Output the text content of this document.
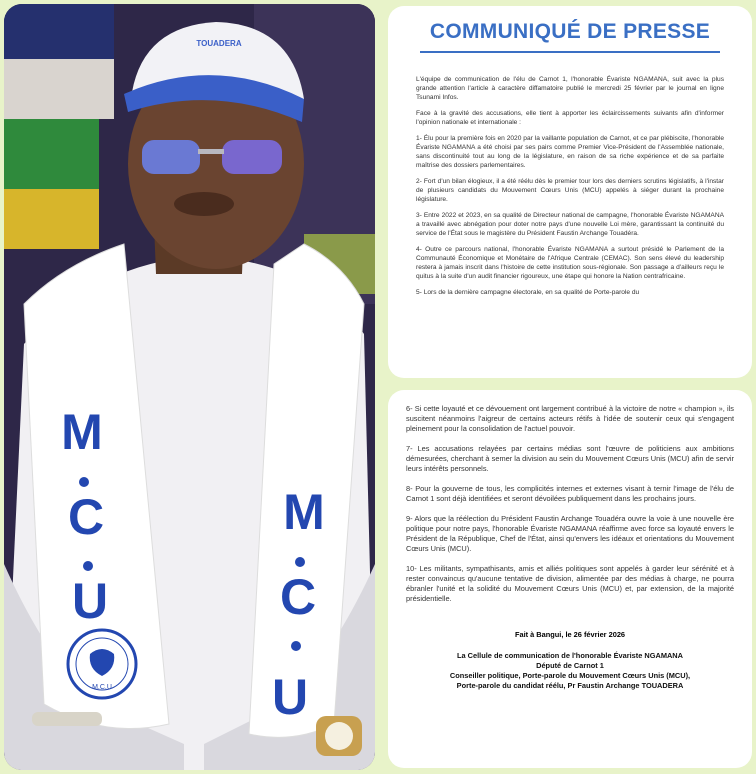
M
C
U
M
C
U
M.C.U
TOUADERA
COMMUNIQUÉ DE PRESSE

L'équipe de communication de l'élu de Carnot 1, l'honorable Évariste NGAMANA, suit avec la plus grande attention l'article à caractère diffamatoire publié le mercredi 25 février par le journal en ligne Tsunami Infos.

Face à la gravité des accusations, elle tient à apporter les éclaircissements suivants afin d'informer l'opinion nationale et internationale :

1- Élu pour la première fois en 2020 par la vaillante population de Carnot, et ce par plébiscite, l'honorable Évariste NGAMANA a été choisi par ses pairs comme Premier Vice-Président de l'Assemblée nationale, sans discontinuité tout au long de la législature, en raison de sa riche expérience et de sa parfaite maîtrise des dossiers parlementaires.

2- Fort d'un bilan élogieux, il a été réélu dès le premier tour lors des derniers scrutins législatifs, à l'instar de plusieurs candidats du Mouvement Cœurs Unis (MCU) appelés à siéger durant la prochaine législature.

3- Entre 2022 et 2023, en sa qualité de Directeur national de campagne, l'honorable Évariste NGAMANA a travaillé avec abnégation pour doter notre pays d'une nouvelle Loi mère, garantissant la continuité du service de l'État sous le magistère du Président Faustin Archange Touadéra.

4- Outre ce parcours national, l'honorable Évariste NGAMANA a surtout présidé le Parlement de la Communauté Économique et Monétaire de l'Afrique Centrale (CEMAC). Son sens élevé du leadership restera à jamais inscrit dans l'histoire de cette institution sous-régionale. Son passage a d'ailleurs reçu le quitus à la suite d'un audit financier rigoureux, une étape qui honore la Nation centrafricaine.

5- Lors de la dernière campagne électorale, en sa qualité de Porte-parole du

6- Si cette loyauté et ce dévouement ont largement contribué à la victoire de notre « champion », ils suscitent néanmoins l'aigreur de certains acteurs rétifs à l'idée de soutenir ceux qui s'engagent pleinement pour la consolidation de l'actuel pouvoir.

7- Les accusations relayées par certains médias sont l'œuvre de politiciens aux ambitions démesurées, cherchant à semer la division au sein du Mouvement Cœurs Unis (MCU) afin de servir leurs intérêts personnels.

8- Pour la gouverne de tous, les complicités internes et externes visant à ternir l'image de l'élu de Carnot 1 sont déjà identifiées et seront dévoilées publiquement dans les prochains jours.

9- Alors que la réélection du Président Faustin Archange Touadéra ouvre la voie à une nouvelle ère politique pour notre pays, l'honorable Évariste NGAMANA réaffirme avec force sa loyauté envers le Président de la République, Chef de l'État, ainsi qu'envers les idéaux et orientations du Mouvement Cœurs Unis (MCU).

10- Les militants, sympathisants, amis et alliés politiques sont appelés à garder leur sérénité et à rester convaincus qu'aucune tentative de division, alimentée par des médias à charge, ne pourra ébranler l'unité et la solidité du Mouvement Cœurs Unis (MCU) et, par extension, de la majorité présidentielle.

Fait à Bangui, le 26 février 2026
La Cellule de communication de l'honorable Évariste NGAMANA
Député de Carnot 1
Conseiller politique, Porte-parole du Mouvement Cœurs Unis (MCU),
Porte-parole du candidat réélu, Pr Faustin Archange TOUADERA
